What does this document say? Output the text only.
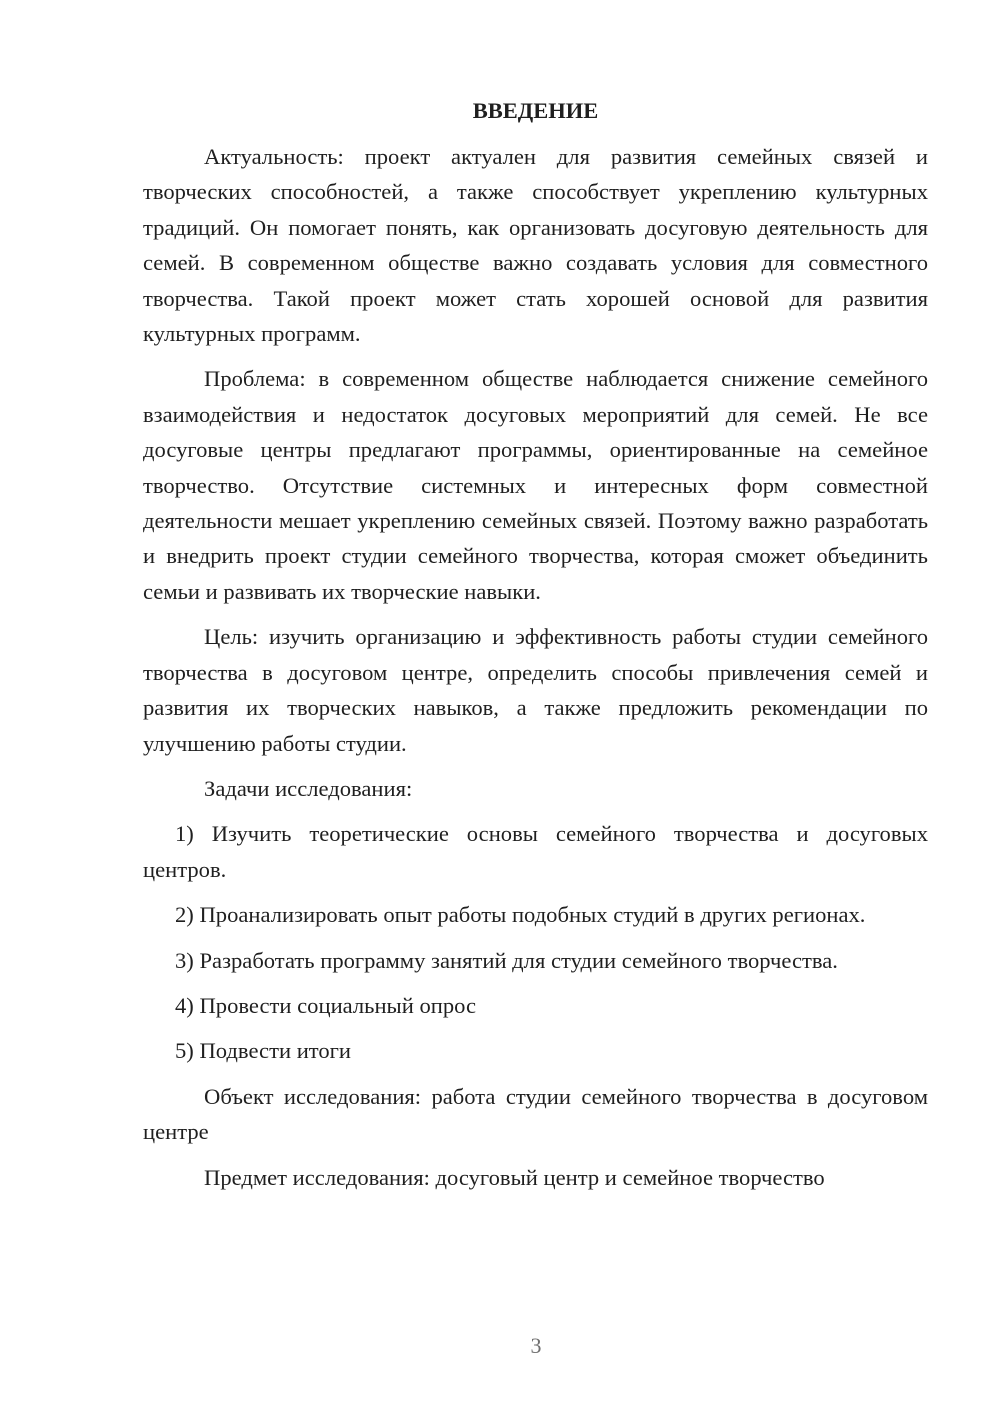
ВВЕДЕНИЕ

Актуальность: проект актуален для развития семейных связей и творческих способностей, а также способствует укреплению культурных традиций. Он помогает понять, как организовать досуговую деятельность для семей. В современном обществе важно создавать условия для совместного творчества. Такой проект может стать хорошей основой для развития культурных программ.

Проблема: в современном обществе наблюдается снижение семейного взаимодействия и недостаток досуговых мероприятий для семей. Не все досуговые центры предлагают программы, ориентированные на семейное творчество. Отсутствие системных и интересных форм совместной деятельности мешает укреплению семейных связей. Поэтому важно разработать и внедрить проект студии семейного творчества, которая сможет объединить семьи и развивать их творческие навыки.

Цель: изучить организацию и эффективность работы студии семейного творчества в досуговом центре, определить способы привлечения семей и развития их творческих навыков, а также предложить рекомендации по улучшению работы студии.

Задачи исследования:

1) Изучить теоретические основы семейного творчества и досуговых центров.

2) Проанализировать опыт работы подобных студий в других регионах.

3) Разработать программу занятий для студии семейного творчества.

4) Провести социальный опрос

5) Подвести итоги

Объект исследования: работа студии семейного творчества в досуговом центре

Предмет исследования: досуговый центр и семейное творчество

3
